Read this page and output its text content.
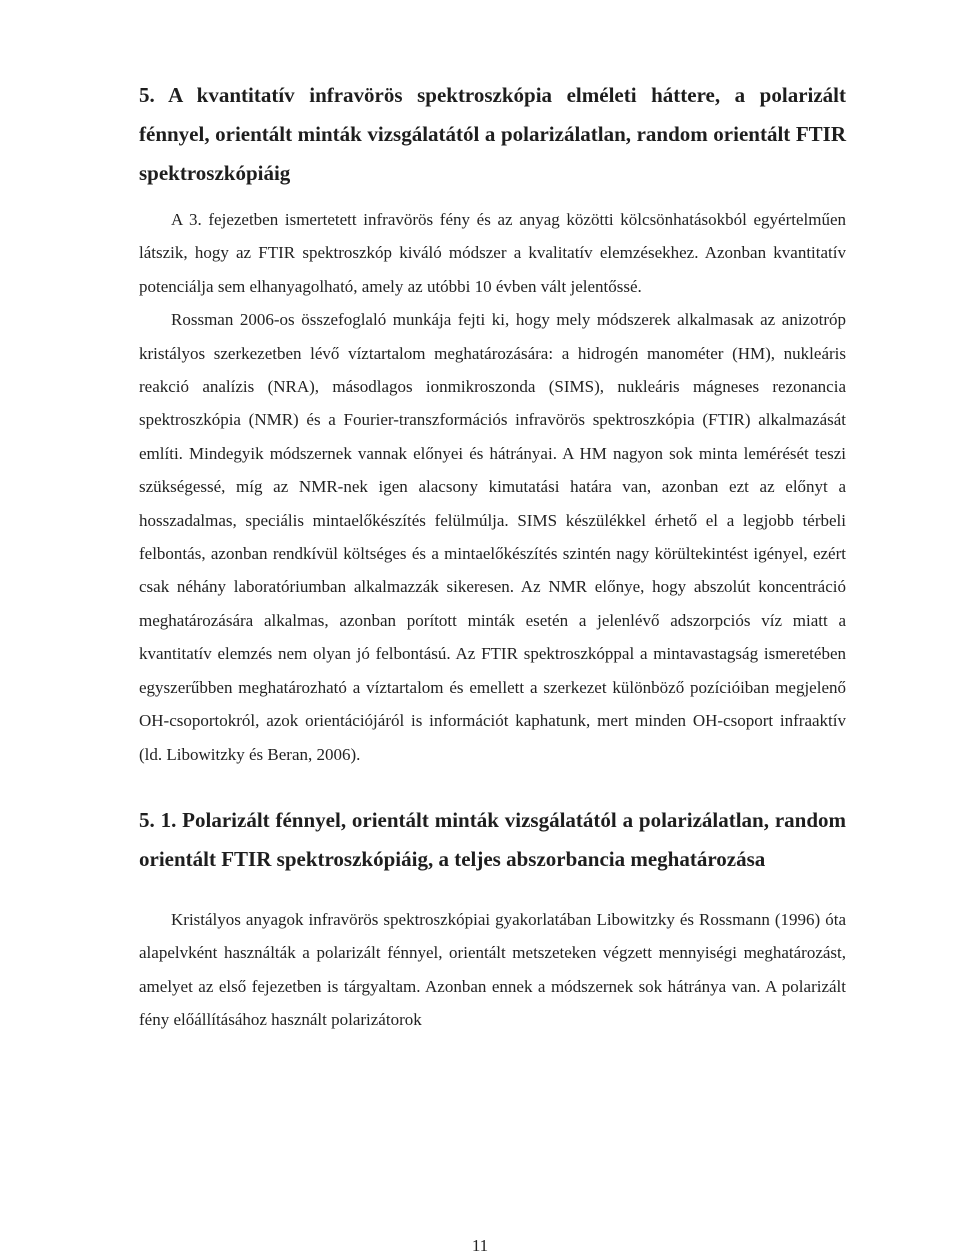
5. A kvantitatív infravörös spektroszkópia elméleti háttere, a polarizált fénnyel, orientált minták vizsgálatától a polarizálatlan, random orientált FTIR spektroszkópiáig

A 3. fejezetben ismertetett infravörös fény és az anyag közötti kölcsönhatásokból egyértelműen látszik, hogy az FTIR spektroszkóp kiváló módszer a kvalitatív elemzésekhez. Azonban kvantitatív potenciálja sem elhanyagolható, amely az utóbbi 10 évben vált jelentőssé.

Rossman 2006-os összefoglaló munkája fejti ki, hogy mely módszerek alkalmasak az anizotróp kristályos szerkezetben lévő víztartalom meghatározására: a hidrogén manométer (HM), nukleáris reakció analízis (NRA), másodlagos ionmikroszonda (SIMS), nukleáris mágneses rezonancia spektroszkópia (NMR) és a Fourier-transzformációs infravörös spektroszkópia (FTIR) alkalmazását említi. Mindegyik módszernek vannak előnyei és hátrányai. A HM nagyon sok minta lemérését teszi szükségessé, míg az NMR-nek igen alacsony kimutatási határa van, azonban ezt az előnyt a hosszadalmas, speciális mintaelőkészítés felülmúlja. SIMS készülékkel érhető el a legjobb térbeli felbontás, azonban rendkívül költséges és a mintaelőkészítés szintén nagy körültekintést igényel, ezért csak néhány laboratóriumban alkalmazzák sikeresen. Az NMR előnye, hogy abszolút koncentráció meghatározására alkalmas, azonban porított minták esetén a jelenlévő adszorpciós víz miatt a kvantitatív elemzés nem olyan jó felbontású. Az FTIR spektroszkóppal a mintavastagság ismeretében egyszerűbben meghatározható a víztartalom és emellett a szerkezet különböző pozícióiban megjelenő OH-csoportokról, azok orientációjáról is információt kaphatunk, mert minden OH-csoport infraaktív (ld. Libowitzky és Beran, 2006).

5. 1. Polarizált fénnyel, orientált minták vizsgálatától a polarizálatlan, random orientált FTIR spektroszkópiáig, a teljes abszorbancia meghatározása

Kristályos anyagok infravörös spektroszkópiai gyakorlatában Libowitzky és Rossmann (1996) óta alapelvként használták a polarizált fénnyel, orientált metszeteken végzett mennyiségi meghatározást, amelyet az első fejezetben is tárgyaltam. Azonban ennek a módszernek sok hátránya van. A polarizált fény előállításához használt polarizátorok

11
